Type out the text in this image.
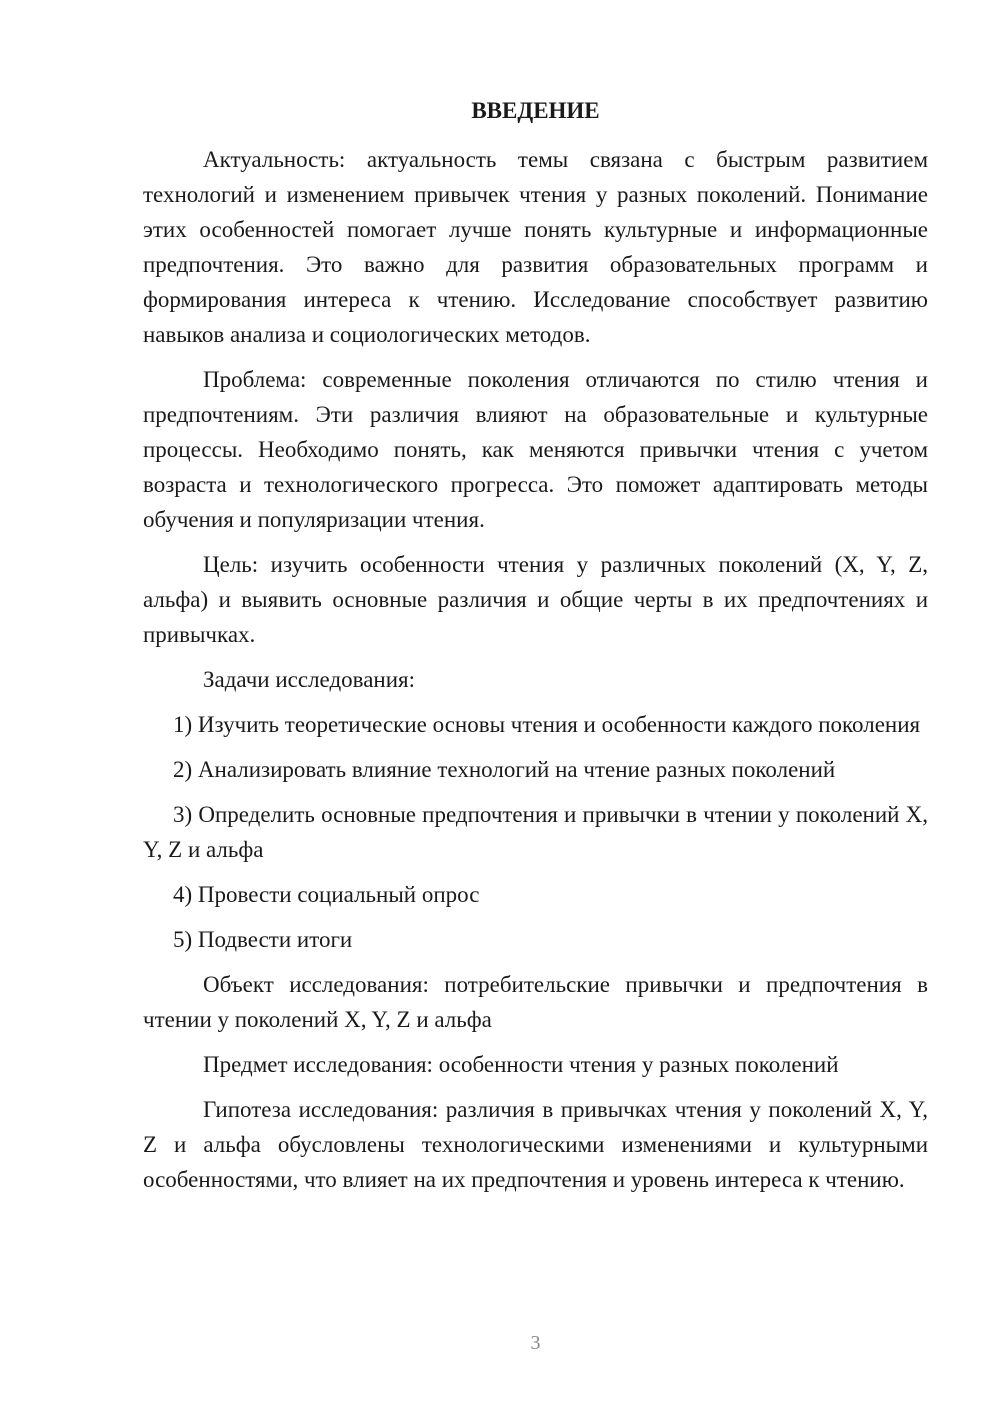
ВВЕДЕНИЕ

Актуальность: актуальность темы связана с быстрым развитием технологий и изменением привычек чтения у разных поколений. Понимание этих особенностей помогает лучше понять культурные и информационные предпочтения. Это важно для развития образовательных программ и формирования интереса к чтению. Исследование способствует развитию навыков анализа и социологических методов.

Проблема: современные поколения отличаются по стилю чтения и предпочтениям. Эти различия влияют на образовательные и культурные процессы. Необходимо понять, как меняются привычки чтения с учетом возраста и технологического прогресса. Это поможет адаптировать методы обучения и популяризации чтения.

Цель: изучить особенности чтения у различных поколений (X, Y, Z, альфа) и выявить основные различия и общие черты в их предпочтениях и привычках.

Задачи исследования:

1) Изучить теоретические основы чтения и особенности каждого поколения

2) Анализировать влияние технологий на чтение разных поколений

3) Определить основные предпочтения и привычки в чтении у поколений X, Y, Z и альфа

4) Провести социальный опрос

5) Подвести итоги

Объект исследования: потребительские привычки и предпочтения в чтении у поколений X, Y, Z и альфа

Предмет исследования: особенности чтения у разных поколений

Гипотеза исследования: различия в привычках чтения у поколений X, Y, Z и альфа обусловлены технологическими изменениями и культурными особенностями, что влияет на их предпочтения и уровень интереса к чтению.

3
